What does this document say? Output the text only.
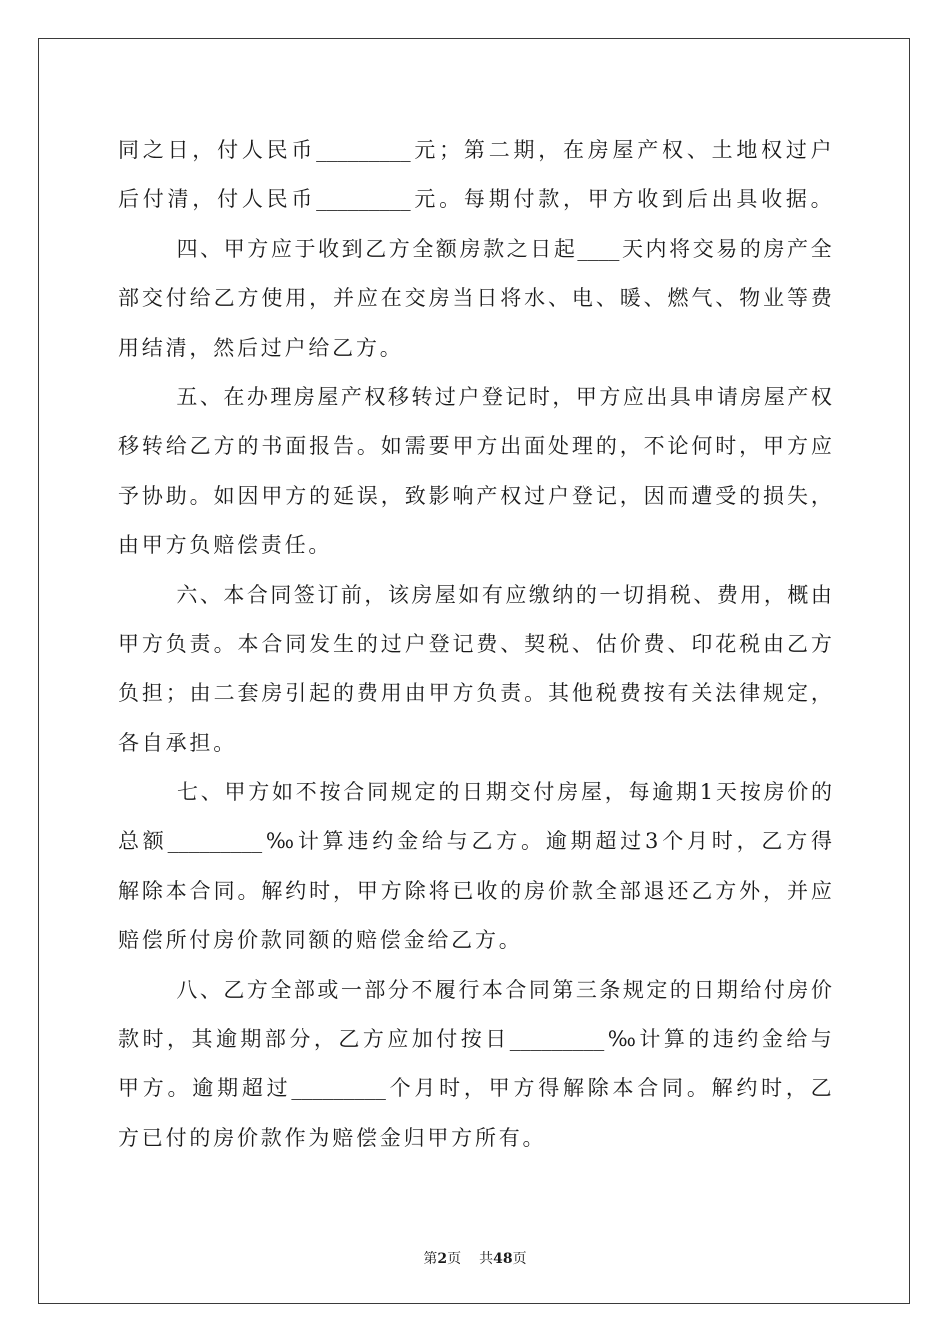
同 之 日 ， 付 人 民 币 _________ 元 ； 第 二 期 ， 在 房 屋 产 权 、 土 地 权 过 户
后 付 清 ， 付 人 民 币 _________ 元 。 每 期 付 款 ， 甲 方 收 到 后 出 具 收 据 。

四 、 甲 方 应 于 收 到 乙 方 全 额 房 款 之 日 起 ____ 天 内 将 交 易 的 房 产 全
部 交 付 给 乙 方 使 用 ， 并 应 在 交 房 当 日 将 水 、 电 、 暖 、 燃 气 、 物 业 等 费
用 结 清 ， 然 后 过 户 给 乙 方 。

五 、 在 办 理 房 屋 产 权 移 转 过 户 登 记 时 ， 甲 方 应 出 具 申 请 房 屋 产 权
移 转 给 乙 方 的 书 面 报 告 。 如 需 要 甲 方 出 面 处 理 的 ， 不 论 何 时 ， 甲 方 应
予 协 助 。 如 因 甲 方 的 延 误 ， 致 影 响 产 权 过 户 登 记 ， 因 而 遭 受 的 损 失 ，
由 甲 方 负 赔 偿 责 任 。

六 、 本 合 同 签 订 前 ， 该 房 屋 如 有 应 缴 纳 的 一 切 捐 税 、 费 用 ， 概 由
甲 方 负 责 。 本 合 同 发 生 的 过 户 登 记 费 、 契 税 、 估 价 费 、 印 花 税 由 乙 方
负 担 ； 由 二 套 房 引 起 的 费 用 由 甲 方 负 责 。 其 他 税 费 按 有 关 法 律 规 定 ，
各 自 承 担 。

七 、 甲 方 如 不 按 合 同 规 定 的 日 期 交 付 房 屋 ， 每 逾 期 1 天 按 房 价 的
总 额 _________ ‰ 计 算 违 约 金 给 与 乙 方 。 逾 期 超 过 3 个 月 时 ， 乙 方 得
解 除 本 合 同 。 解 约 时 ， 甲 方 除 将 已 收 的 房 价 款 全 部 退 还 乙 方 外 ， 并 应
赔 偿 所 付 房 价 款 同 额 的 赔 偿 金 给 乙 方 。

八 、 乙 方 全 部 或 一 部 分 不 履 行 本 合 同 第 三 条 规 定 的 日 期 给 付 房 价
款 时 ， 其 逾 期 部 分 ， 乙 方 应 加 付 按 日 _________ ‰ 计 算 的 违 约 金 给 与
甲 方 。 逾 期 超 过 _________ 个 月 时 ， 甲 方 得 解 除 本 合 同 。 解 约 时 ， 乙
方 已 付 的 房 价 款 作 为 赔 偿 金 归 甲 方 所 有 。
第2页 共48页
